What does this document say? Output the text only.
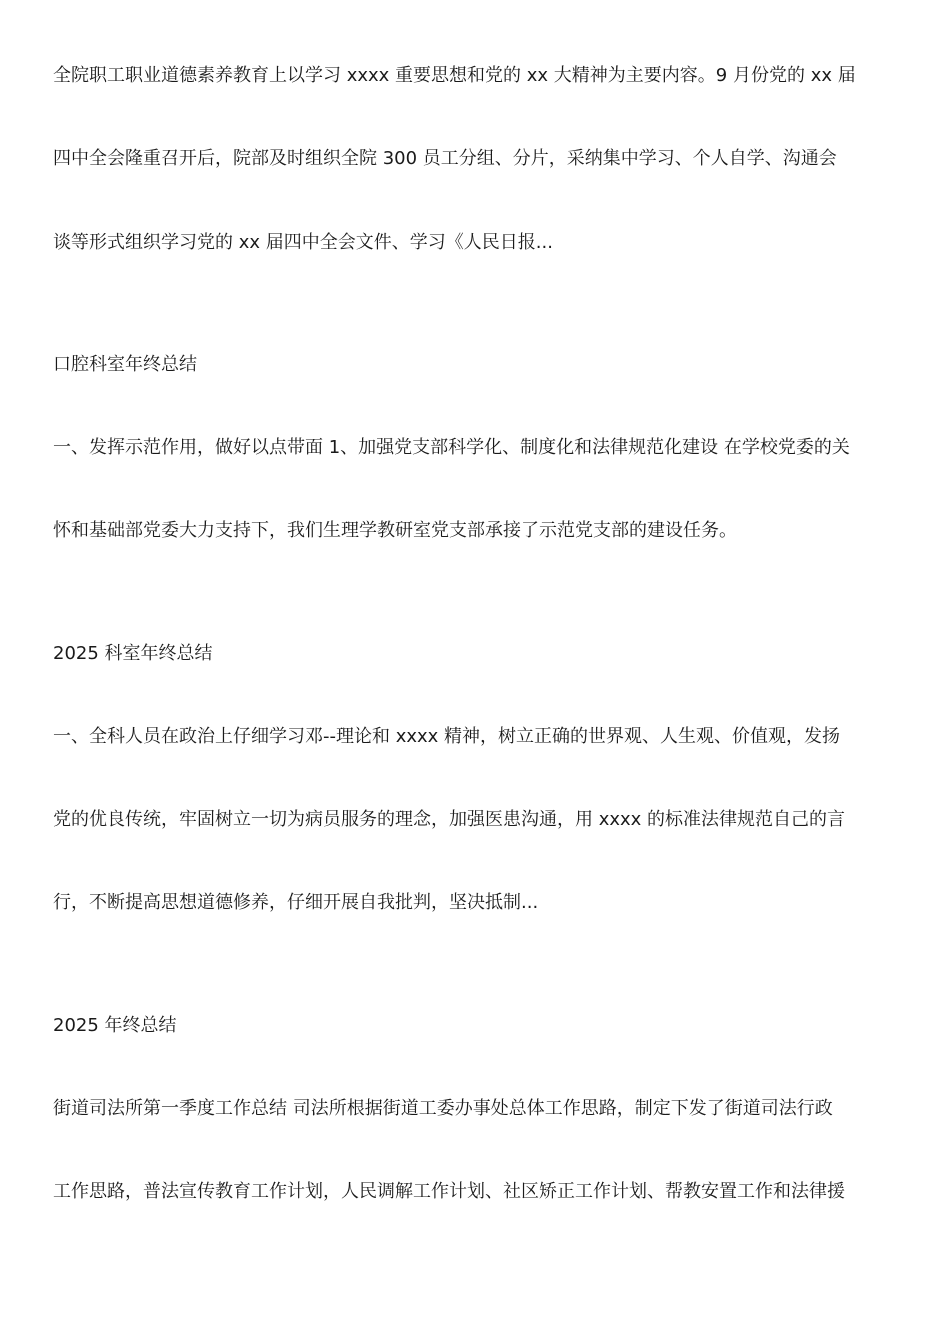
全院职工职业道德素养教育上以学习 xxxx 重要思想和党的 xx 大精神为主要内容。9 月份党的 xx 届
四中全会隆重召开后，院部及时组织全院 300 员工分组、分片，采纳集中学习、个人自学、沟通会
谈等形式组织学习党的 xx 届四中全会文件、学习《人民日报...
口腔科室年终总结
一、发挥示范作用，做好以点带面 1、加强党支部科学化、制度化和法律规范化建设 在学校党委的关
怀和基础部党委大力支持下，我们生理学教研室党支部承接了示范党支部的建设任务。
2025 科室年终总结
一、全科人员在政治上仔细学习邓--理论和 xxxx 精神，树立正确的世界观、人生观、价值观，发扬
党的优良传统，牢固树立一切为病员服务的理念，加强医患沟通，用 xxxx 的标准法律规范自己的言
行，不断提高思想道德修养，仔细开展自我批判，坚决抵制...
2025 年终总结
街道司法所第一季度工作总结 司法所根据街道工委办事处总体工作思路，制定下发了街道司法行政
工作思路，普法宣传教育工作计划，人民调解工作计划、社区矫正工作计划、帮教安置工作和法律援
